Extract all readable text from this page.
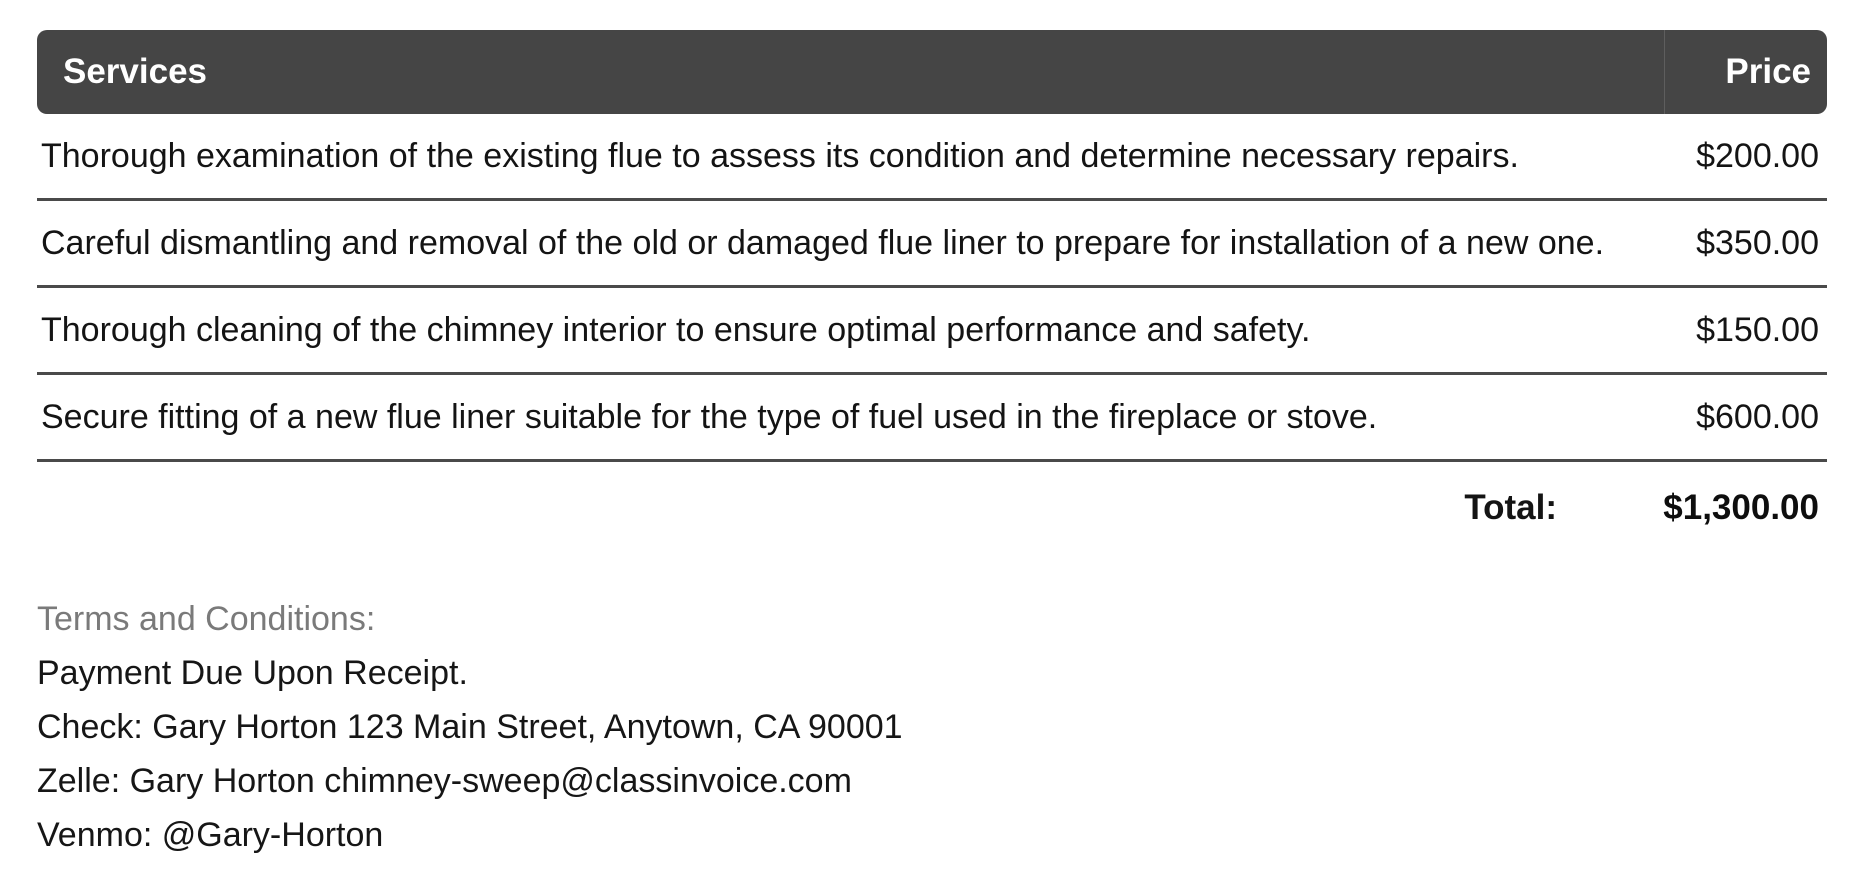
Services	Price
Thorough examination of the existing flue to assess its condition and determine necessary repairs.	$200.00
Careful dismantling and removal of the old or damaged flue liner to prepare for installation of a new one.	$350.00
Thorough cleaning of the chimney interior to ensure optimal performance and safety.	$150.00
Secure fitting of a new flue liner suitable for the type of fuel used in the fireplace or stove.	$600.00
Total:	$1,300.00
Terms and Conditions:
Payment Due Upon Receipt.
Check: Gary Horton 123 Main Street, Anytown, CA 90001
Zelle: Gary Horton chimney-sweep@classinvoice.com
Venmo: @Gary-Horton
